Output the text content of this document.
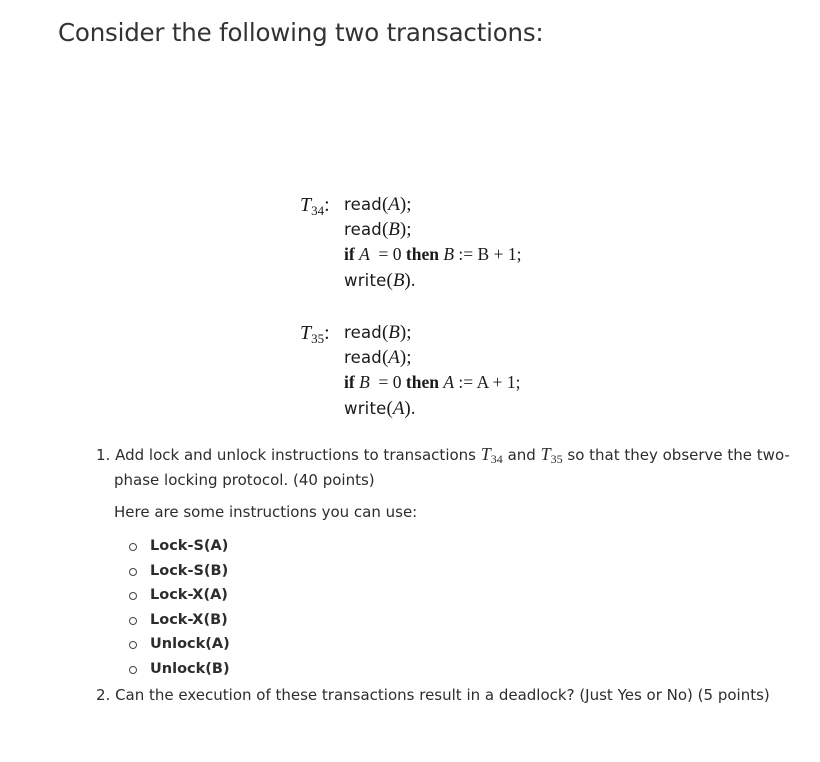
Consider the following two transactions:
$T_{34}$: read(A);
read(B);
if A = 0 then B := B + 1;
write(B).
$T_{35}$: read(B);
read(A);
if B = 0 then A := A + 1;
write(A).
1. Add lock and unlock instructions to transactions $T_{34}$ and $T_{35}$ so that they observe the two-
phase locking protocol. (40 points)
Here are some instructions you can use:
Lock-S(A)
Lock-S(B)
Lock-X(A)
Lock-X(B)
Unlock(A)
Unlock(B)
2. Can the execution of these transactions result in a deadlock? (Just Yes or No) (5 points)
